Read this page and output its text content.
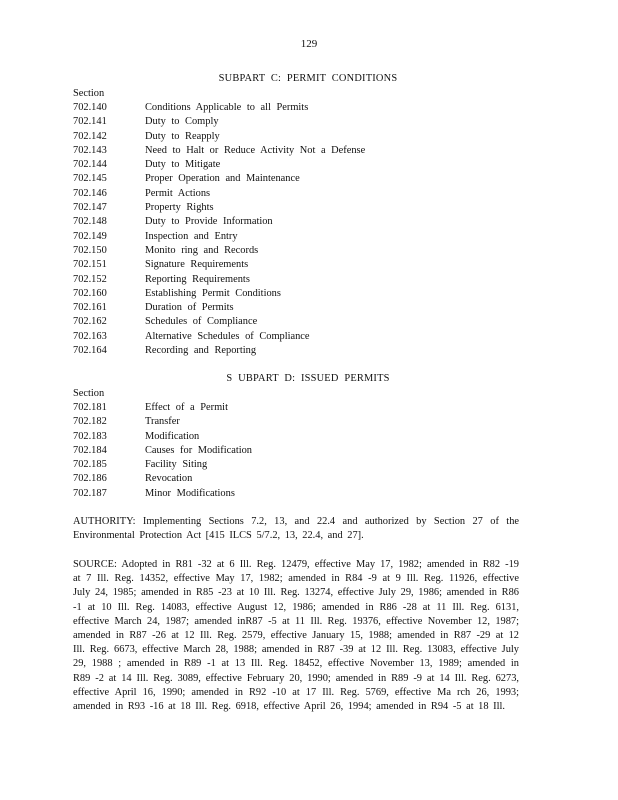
129
SUBPART C: PERMIT CONDITIONS
Section
702.140	Conditions Applicable to all Permits
702.141	Duty to Comply
702.142	Duty to Reapply
702.143	Need to Halt or Reduce Activity Not a Defense
702.144	Duty to Mitigate
702.145	Proper Operation and Maintenance
702.146	Permit Actions
702.147	Property Rights
702.148	Duty to Provide Information
702.149	Inspection and Entry
702.150	Monito ring and Records
702.151	Signature Requirements
702.152	Reporting Requirements
702.160	Establishing Permit Conditions
702.161	Duration of Permits
702.162	Schedules of Compliance
702.163	Alternative Schedules of Compliance
702.164	Recording and Reporting
S UBPART D: ISSUED PERMITS
Section
702.181	Effect of a Permit
702.182	Transfer
702.183	Modification
702.184	Causes for Modification
702.185	Facility Siting
702.186	Revocation
702.187	Minor Modifications

AUTHORITY: Implementing Sections 7.2, 13, and 22.4 and authorized by Section 27 of the Environmental Protection Act [415 ILCS 5/7.2, 13, 22.4, and 27].

SOURCE: Adopted in R81 -32 at 6 Ill. Reg. 12479, effective May 17, 1982; amended in R82 -19 at 7 Ill. Reg. 14352, effective May 17, 1982; amended in R84 -9 at 9 Ill. Reg. 11926, effective July 24, 1985; amended in R85 -23 at 10 Ill. Reg. 13274, effective July 29, 1986; amended in R86 -1 at 10 Ill. Reg. 14083, effective August 12, 1986; amended in R86 -28 at 11 Ill. Reg. 6131, effective March 24, 1987; amended inR87 -5 at 11 Ill. Reg. 19376, effective November 12, 1987; amended in R87 -26 at 12 Ill. Reg. 2579, effective January 15, 1988; amended in R87 -29 at 12 Ill. Reg. 6673, effective March 28, 1988; amended in R87 -39 at 12 Ill. Reg. 13083, effective July 29, 1988 ; amended in R89 -1 at 13 Ill. Reg. 18452, effective November 13, 1989; amended in R89 -2 at 14 Ill. Reg. 3089, effective February 20, 1990; amended in R89 -9 at 14 Ill. Reg. 6273, effective April 16, 1990; amended in R92 -10 at 17 Ill. Reg. 5769, effective Ma rch 26, 1993; amended in R93 -16 at 18 Ill. Reg. 6918, effective April 26, 1994; amended in R94 -5 at 18 Ill.
